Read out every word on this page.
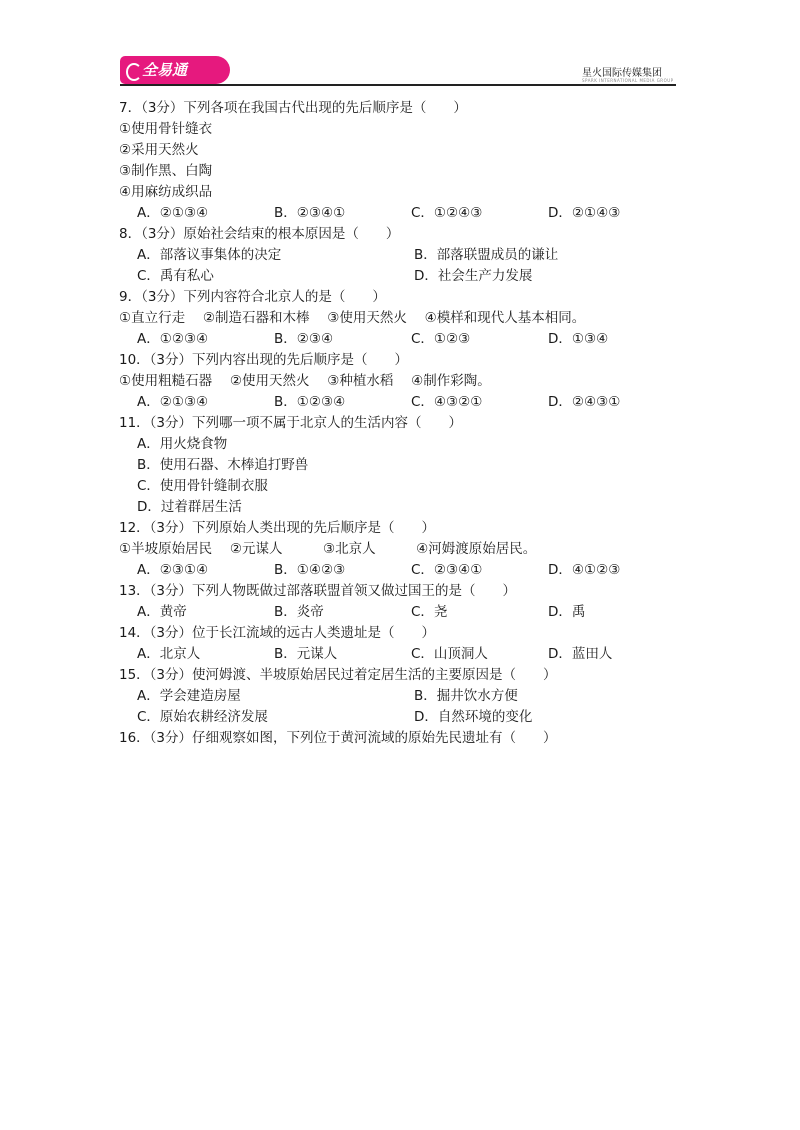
全易通	星火国际传媒集团
SPARK INTERNATIONAL MEDIA GROUP
7．（3分）下列各项在我国古代出现的先后顺序是（　　）
①使用骨针缝衣
②采用天然火
③制作黑、白陶
④用麻纺成织品
A．②①③④	B．②③④①	C．①②④③	D．②①④③
8．（3分）原始社会结束的根本原因是（　　）
A．部落议事集体的决定	B．部落联盟成员的谦让
C．禹有私心	D．社会生产力发展
9．（3分）下列内容符合北京人的是（　　）
①直立行走　 ②制造石器和木棒　 ③使用天然火　 ④模样和现代人基本相同。
A．①②③④	B．②③④	C．①②③	D．①③④
10．（3分）下列内容出现的先后顺序是（　　）
①使用粗糙石器　 ②使用天然火　 ③种植水稻　 ④制作彩陶。
A．②①③④	B．①②③④	C．④③②①	D．②④③①
11．（3分）下列哪一项不属于北京人的生活内容（　　）
A．用火烧食物
B．使用石器、木棒追打野兽
C．使用骨针缝制衣服
D．过着群居生活
12．（3分）下列原始人类出现的先后顺序是（　　）
①半坡原始居民　 ②元谋人　　　③北京人　　　④河姆渡原始居民。
A．②③①④	B．①④②③	C．②③④①	D．④①②③
13．（3分）下列人物既做过部落联盟首领又做过国王的是（　　）
A．黄帝	B．炎帝	C．尧	D．禹
14．（3分）位于长江流域的远古人类遗址是（　　）
A．北京人	B．元谋人	C．山顶洞人	D．蓝田人
15．（3分）使河姆渡、半坡原始居民过着定居生活的主要原因是（　　）
A．学会建造房屋	B．掘井饮水方便
C．原始农耕经济发展	D．自然环境的变化
16．（3分）仔细观察如图，下列位于黄河流域的原始先民遗址有（　　）
